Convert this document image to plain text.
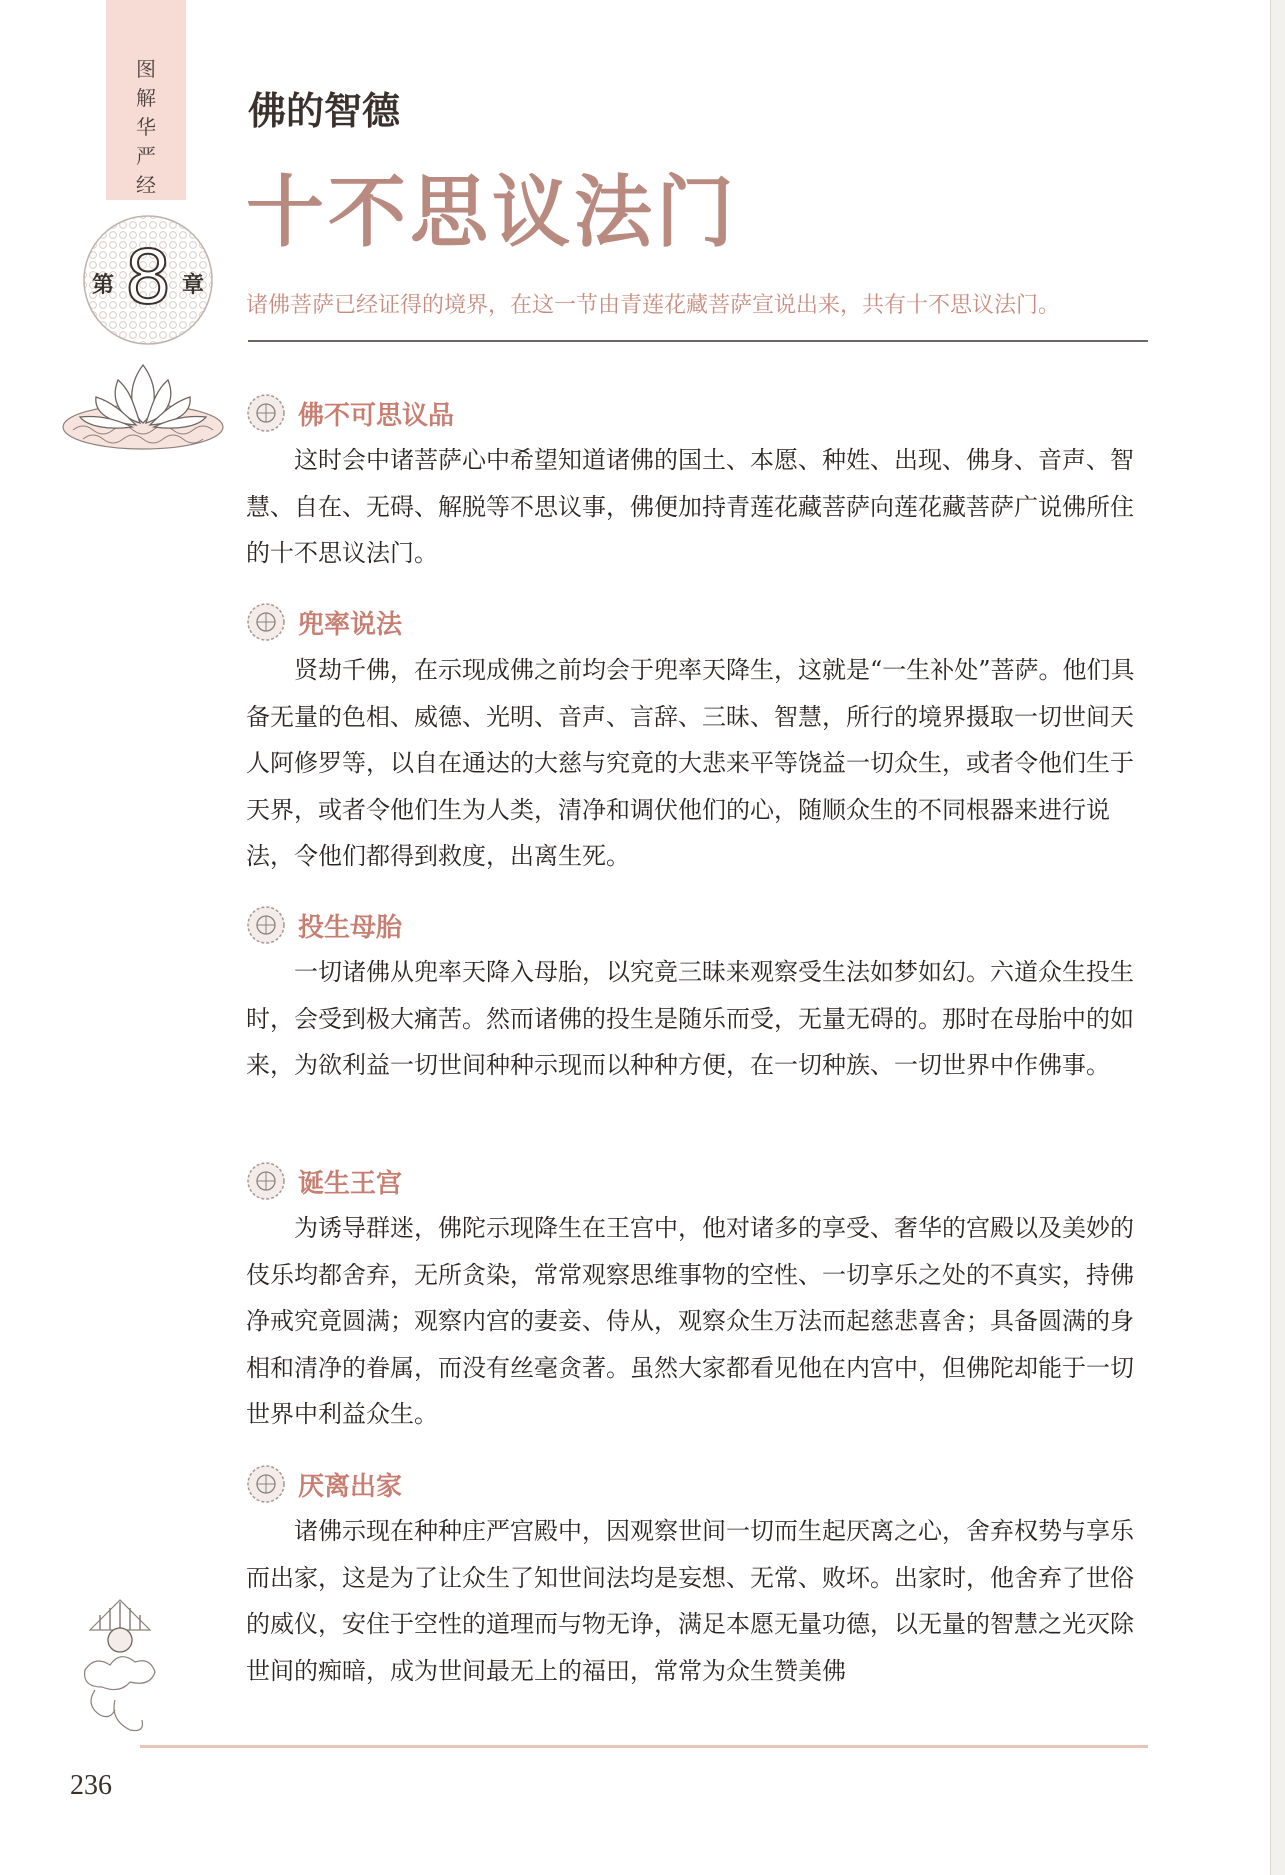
图
解
华
严
经
8
第	章
佛的智德
十不思议法门

诸佛菩萨已经证得的境界，在这一节由青莲花藏菩萨宣说出来，共有十不思议法门。

佛不可思议品

这时会中诸菩萨心中希望知道诸佛的国土、本愿、种姓、出现、佛身、音声、智慧、自在、无碍、解脱等不思议事，佛便加持青莲花藏菩萨向莲花藏菩萨广说佛所住的十不思议法门。

兜率说法

贤劫千佛，在示现成佛之前均会于兜率天降生，这就是“一生补处”菩萨。他们具备无量的色相、威德、光明、音声、言辞、三昧、智慧，所行的境界摄取一切世间天人阿修罗等，以自在通达的大慈与究竟的大悲来平等饶益一切众生，或者令他们生于天界，或者令他们生为人类，清净和调伏他们的心，随顺众生的不同根器来进行说法，令他们都得到救度，出离生死。

投生母胎

一切诸佛从兜率天降入母胎，以究竟三昧来观察受生法如梦如幻。六道众生投生时，会受到极大痛苦。然而诸佛的投生是随乐而受，无量无碍的。那时在母胎中的如来，为欲利益一切世间种种示现而以种种方便，在一切种族、一切世界中作佛事。

诞生王宫

为诱导群迷，佛陀示现降生在王宫中，他对诸多的享受、奢华的宫殿以及美妙的伎乐均都舍弃，无所贪染，常常观察思维事物的空性、一切享乐之处的不真实，持佛净戒究竟圆满；观察内宫的妻妾、侍从，观察众生万法而起慈悲喜舍；具备圆满的身相和清净的眷属，而没有丝毫贪著。虽然大家都看见他在内宫中，但佛陀却能于一切世界中利益众生。

厌离出家

诸佛示现在种种庄严宫殿中，因观察世间一切而生起厌离之心，舍弃权势与享乐而出家，这是为了让众生了知世间法均是妄想、无常、败坏。出家时，他舍弃了世俗的威仪，安住于空性的道理而与物无诤，满足本愿无量功德，以无量的智慧之光灭除世间的痴暗，成为世间最无上的福田，常常为众生赞美佛

236
